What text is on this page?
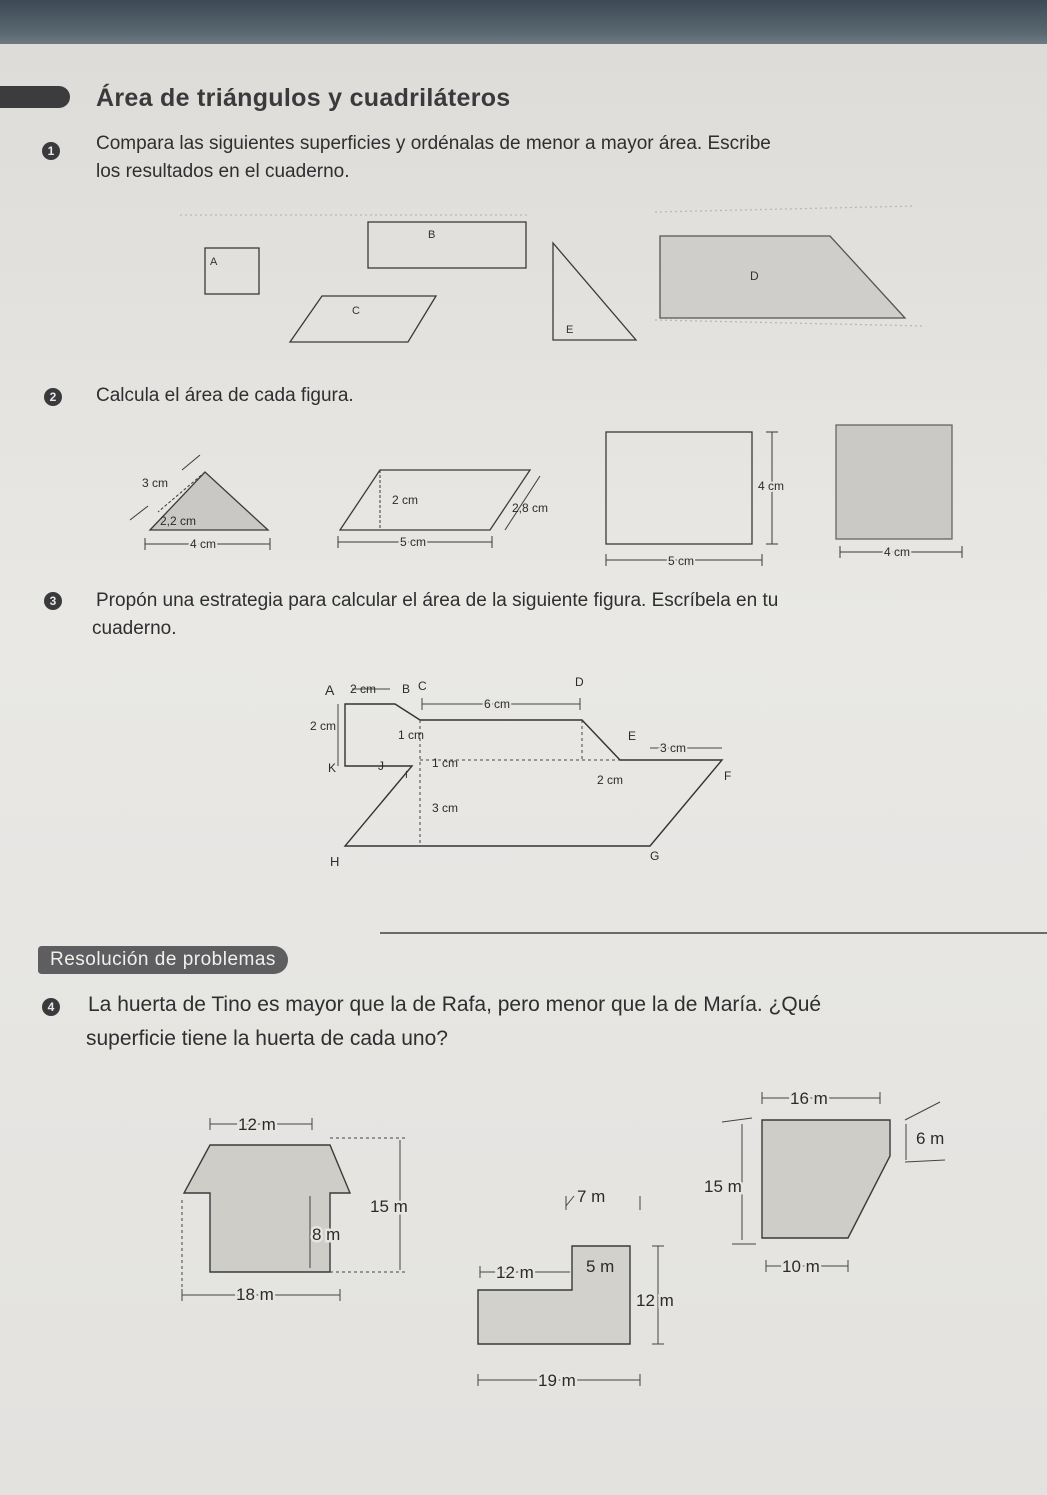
Área de triángulos y cuadriláteros
1 Compara las siguientes superficies y ordénalas de menor a mayor área. Escribe
los resultados en el cuaderno.
2 Calcula el área de cada figura.
3 Propón una estrategia para calcular el área de la siguiente figura. Escríbela en tu
cuaderno.
Resolución de problemas
4 La huerta de Tino es mayor que la de Rafa, pero menor que la de María. ¿Qué
superficie tiene la huerta de cada uno?
A
B
C
D
E
3 cm
2,2 cm
4 cm
2 cm
2,8 cm
5 cm
4 cm
5 cm
4 cm
A 2 cm B C
6 cm
D
2 cm
1 cm	E
3 cm
K	J
I
1 cm
2 cm	F
3 cm
G
H
12 m
15 m
8 m
18 m
7 m
12 m	5 m
12 m
19 m
16 m
6 m
15 m
10 m
